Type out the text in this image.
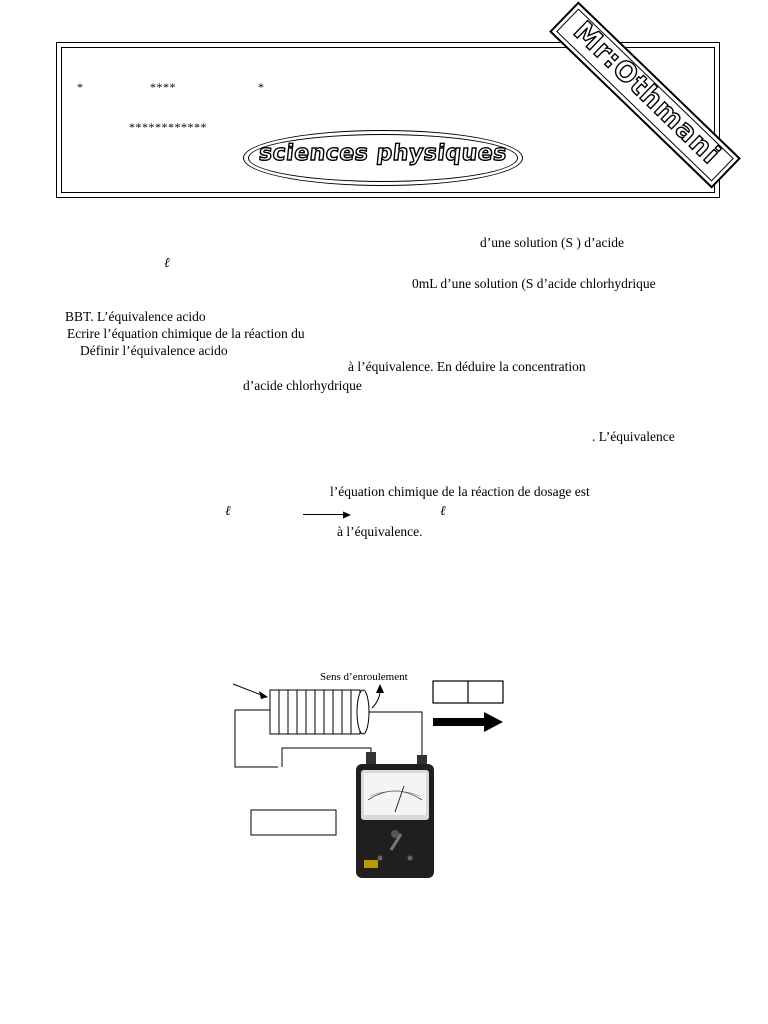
*	****	*
************
sciences physiques	Mr:Othmani
d’une solution (S ) d’acide
ℓ
0mL d’une solution (S d’acide chlorhydrique
BBT. L’équivalence acido
Ecrire l’équation chimique de la réaction du
Définir l’équivalence acido
à l’équivalence. En déduire la concentration
d’acide chlorhydrique
. L’équivalence
l’équation chimique de la réaction de dosage est
ℓ	ℓ
à l’équivalence.
Sens d’enroulement
